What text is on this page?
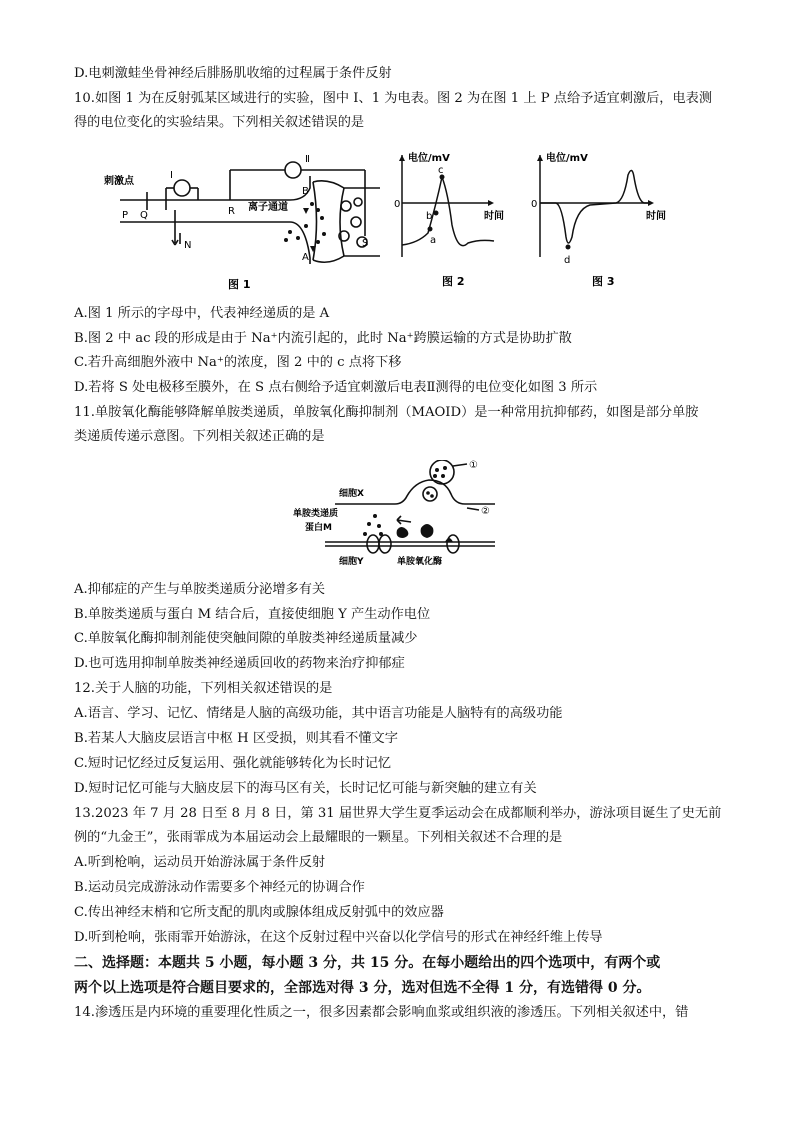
D.电刺激蛙坐骨神经后腓肠肌收缩的过程属于条件反射
10.如图 1 为在反射弧某区域进行的实验，图中 I、1 为电表。图 2 为在图 1 上 P 点给予适宜刺激后，电表测
得的电位变化的实验结果。下列相关叙述错误的是
刺激点
P Q
I
Ⅱ
R
N
B
A
S
离子通道
图 1
电位/mV
时间
0
a
b
c
图 2
电位/mV
时间
0
d
图 3
A.图 1 所示的字母中，代表神经递质的是 A
B.图 2 中 ac 段的形成是由于 Na⁺内流引起的，此时 Na⁺跨膜运输的方式是协助扩散
C.若升高细胞外液中 Na⁺的浓度，图 2 中的 c 点将下移
D.若将 S 处电极移至膜外，在 S 点右侧给予适宜刺激后电表Ⅱ测得的电位变化如图 3 所示
11.单胺氧化酶能够降解单胺类递质，单胺氧化酶抑制剂（MAOID）是一种常用抗抑郁药，如图是部分单胺
类递质传递示意图。下列相关叙述正确的是
细胞X
单胺类递质
蛋白M
细胞Y	单胺氧化酶
①
②
A.抑郁症的产生与单胺类递质分泌增多有关
B.单胺类递质与蛋白 M 结合后，直接使细胞 Y 产生动作电位
C.单胺氧化酶抑制剂能使突触间隙的单胺类神经递质量减少
D.也可选用抑制单胺类神经递质回收的药物来治疗抑郁症
12.关于人脑的功能，下列相关叙述错误的是
A.语言、学习、记忆、情绪是人脑的高级功能，其中语言功能是人脑特有的高级功能
B.若某人大脑皮层语言中枢 H 区受损，则其看不懂文字
C.短时记忆经过反复运用、强化就能够转化为长时记忆
D.短时记忆可能与大脑皮层下的海马区有关，长时记忆可能与新突触的建立有关
13.2023 年 7 月 28 日至 8 月 8 日，第 31 届世界大学生夏季运动会在成都顺利举办，游泳项目诞生了史无前
例的“九金王”，张雨霏成为本届运动会上最耀眼的一颗星。下列相关叙述不合理的是
A.听到枪响，运动员开始游泳属于条件反射
B.运动员完成游泳动作需要多个神经元的协调合作
C.传出神经末梢和它所支配的肌肉或腺体组成反射弧中的效应器
D.听到枪响，张雨霏开始游泳，在这个反射过程中兴奋以化学信号的形式在神经纤维上传导
二、选择题：本题共 5 小题，每小题 3 分，共 15 分。在每小题给出的四个选项中，有两个或
两个以上选项是符合题目要求的，全部选对得 3 分，选对但选不全得 1 分，有选错得 0 分。
14.渗透压是内环境的重要理化性质之一，很多因素都会影响血浆或组织液的渗透压。下列相关叙述中，错
